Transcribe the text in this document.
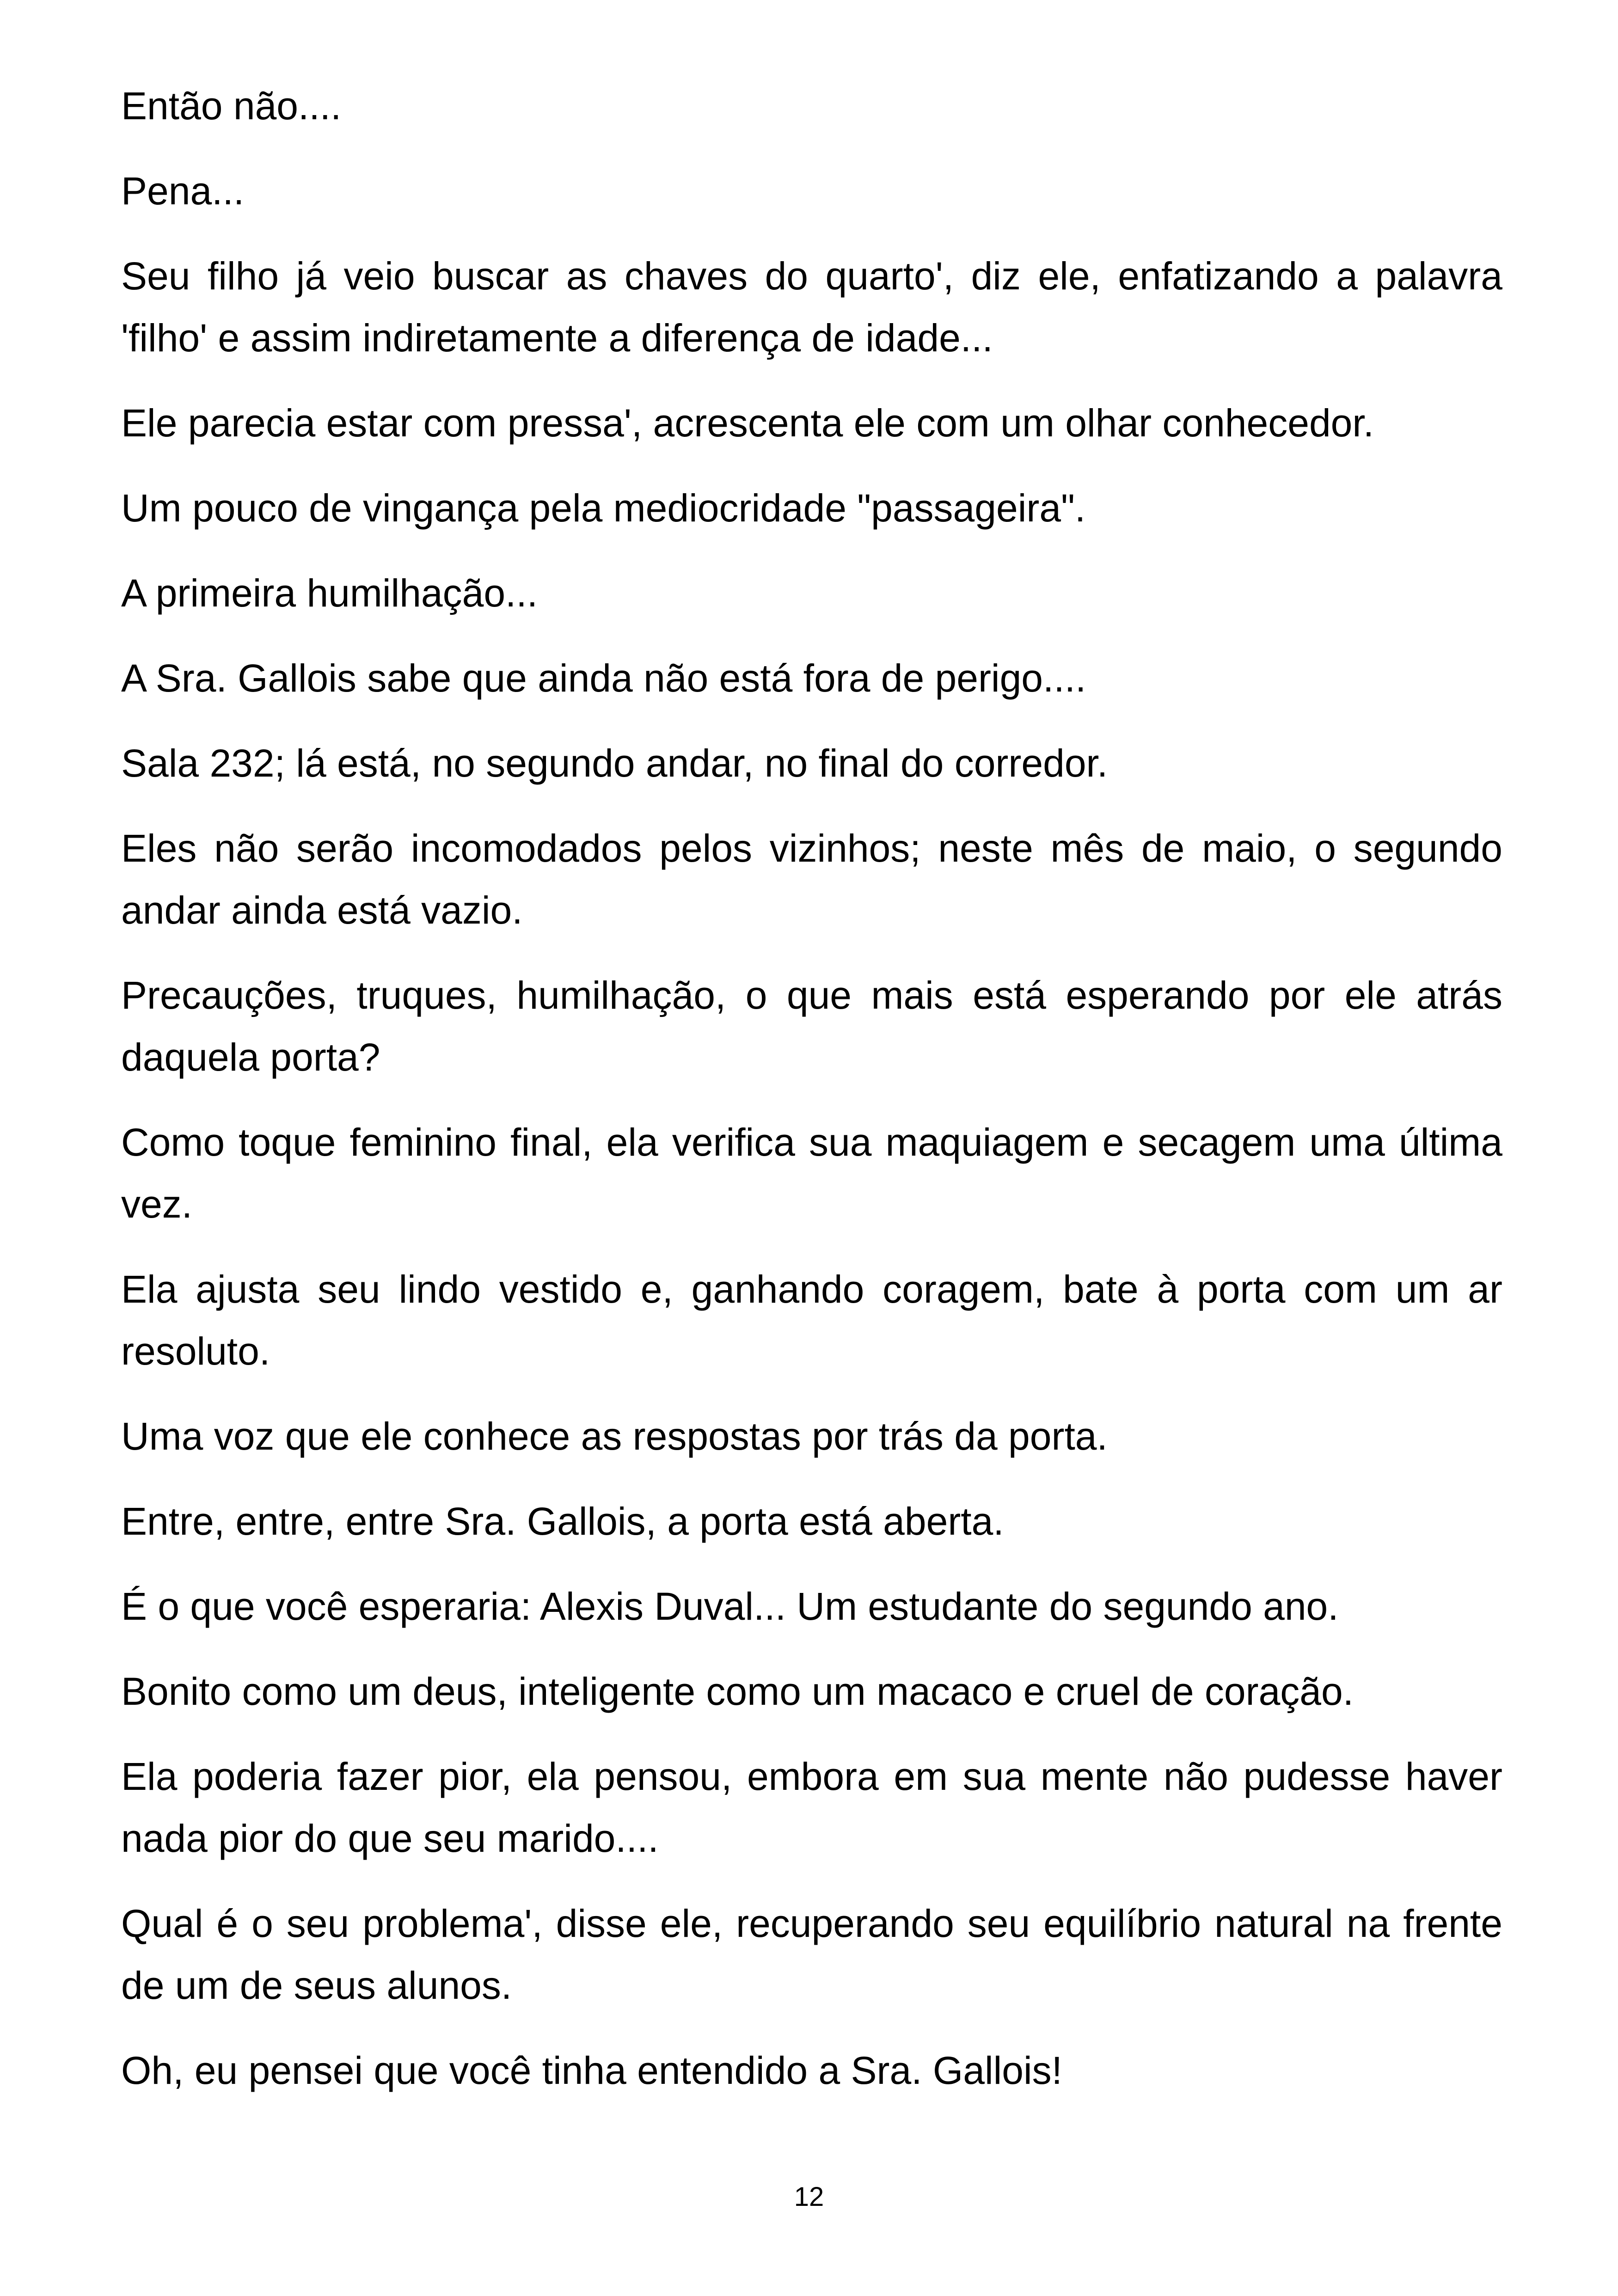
Então não....

Pena...

Seu filho já veio buscar as chaves do quarto', diz ele, enfatizando a palavra 'filho' e assim indiretamente a diferença de idade...

Ele parecia estar com pressa', acrescenta ele com um olhar conhecedor.

Um pouco de vingança pela mediocridade "passageira".

A primeira humilhação...

A Sra. Gallois sabe que ainda não está fora de perigo....

Sala 232; lá está, no segundo andar, no final do corredor.

Eles não serão incomodados pelos vizinhos; neste mês de maio, o segundo andar ainda está vazio.

Precauções, truques, humilhação, o que mais está esperando por ele atrás daquela porta?

Como toque feminino final, ela verifica sua maquiagem e secagem uma última vez.

Ela ajusta seu lindo vestido e, ganhando coragem, bate à porta com um ar resoluto.

Uma voz que ele conhece as respostas por trás da porta.

Entre, entre, entre Sra. Gallois, a porta está aberta.

É o que você esperaria: Alexis Duval... Um estudante do segundo ano.

Bonito como um deus, inteligente como um macaco e cruel de coração.

Ela poderia fazer pior, ela pensou, embora em sua mente não pudesse haver nada pior do que seu marido....

Qual é o seu problema', disse ele, recuperando seu equilíbrio natural na frente de um de seus alunos.

Oh, eu pensei que você tinha entendido a Sra. Gallois!

12
